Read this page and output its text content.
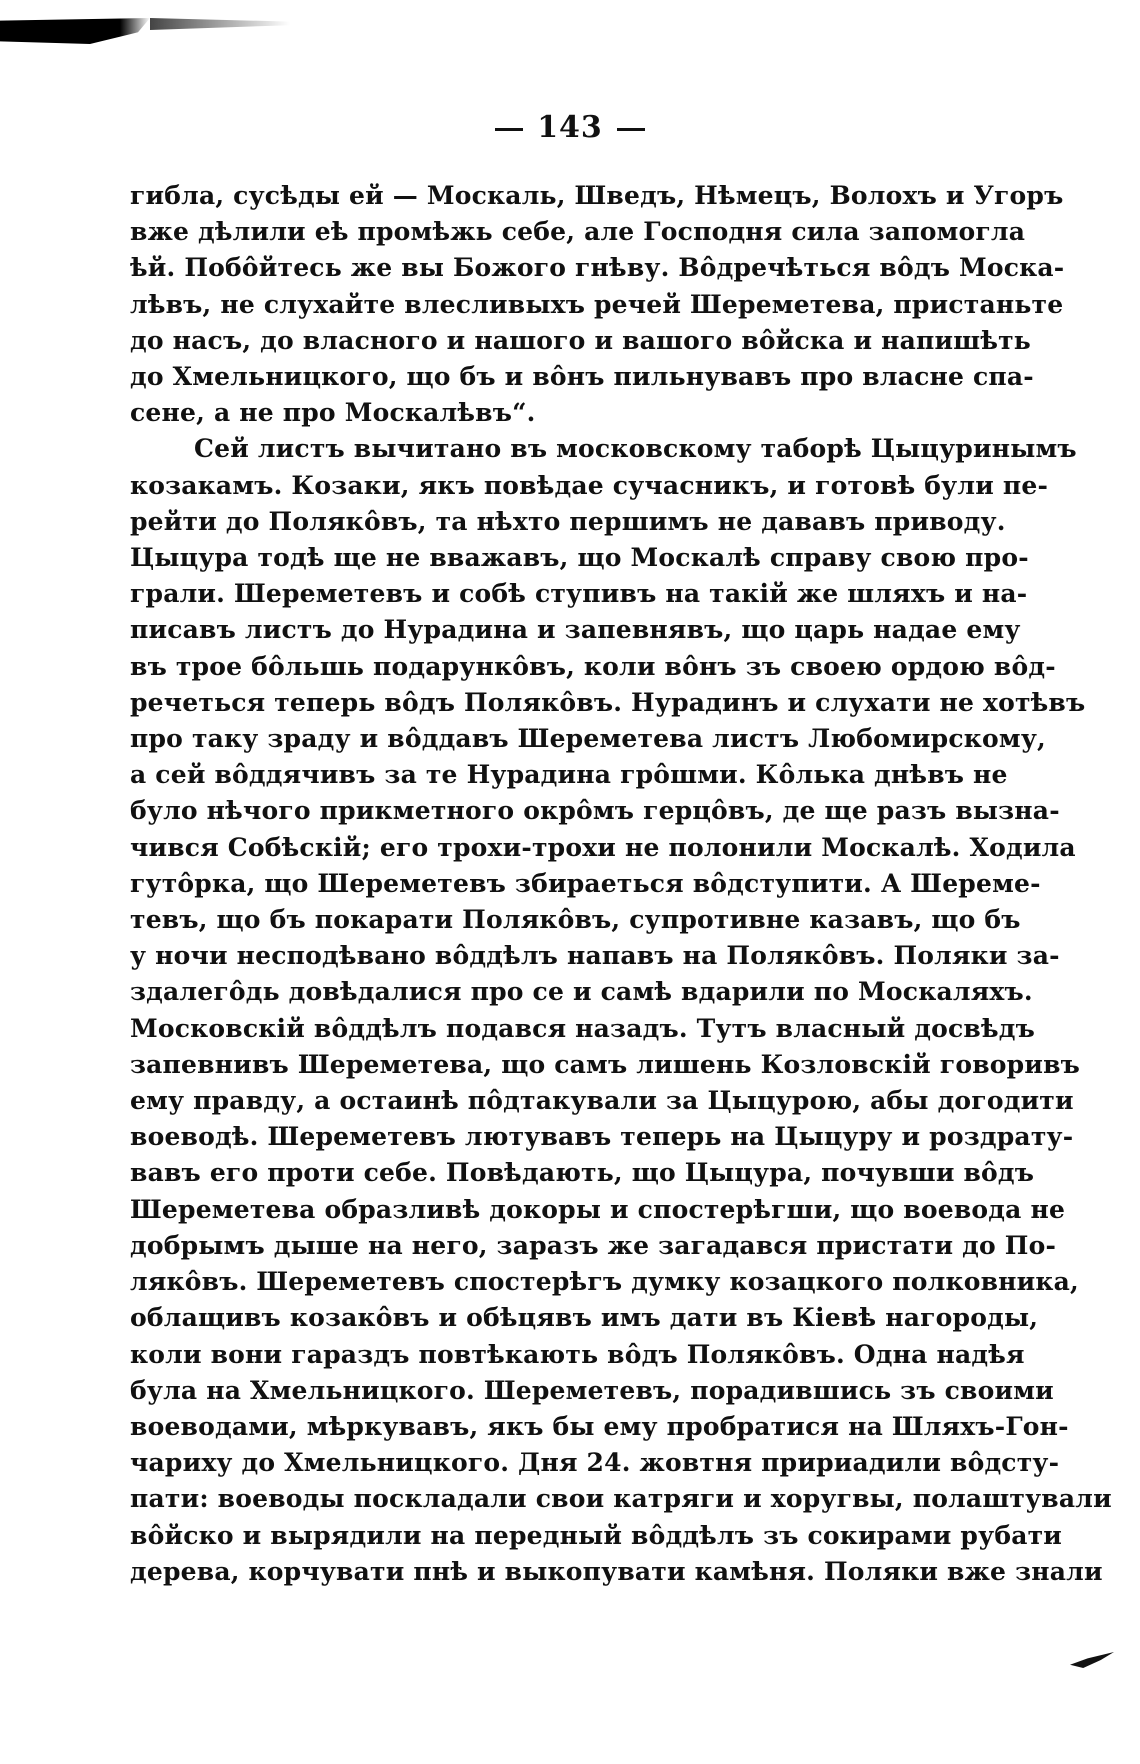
143
гибла, сусѣды ей — Москаль, Шведъ, Нѣмецъ, Волохъ и Угоръ
вже дѣлили еѣ промѣжь себе, але Господня сила запомогла
ѣй. Побôйтесь же вы Божого гнѣву. Вôдречѣться вôдъ Моска-
лѣвъ, не слухайте влесливыхъ речей Шереметева, пристаньте
до насъ, до власного и нашого и вашого вôйска и напишѣть
до Хмельницкого, що бъ и вôнъ пильнувавъ про власне спа-
сене, а не про Москалѣвъ“.
Сей листъ вычитано въ московскому таборѣ Цыцуринымъ
козакамъ. Козаки, якъ повѣдае сучасникъ, и готовѣ були пе-
рейти до Полякôвъ, та нѣхто першимъ не дававъ приводу.
Цыцура тодѣ ще не вважавъ, що Москалѣ справу свою про-
грали. Шереметевъ и собѣ ступивъ на такій же шляхъ и на-
писавъ листъ до Нурадина и запевнявъ, що царь надае ему
въ трое бôльшь подарункôвъ, коли вôнъ зъ своею ордою вôд-
речеться теперь вôдъ Полякôвъ. Нурадинъ и слухати не хотѣвъ
про таку зраду и вôддавъ Шереметева листъ Любомирскому,
а сей вôддячивъ за те Нурадина грôшми. Кôлька днѣвъ не
було нѣчого прикметного окрôмъ герцôвъ, де ще разъ вызна-
чився Собѣскій; его трохи-трохи не полонили Москалѣ. Ходила
гутôрка, що Шереметевъ збираеться вôдступити. А Шереме-
тевъ, що бъ покарати Полякôвъ, супротивне казавъ, що бъ
у ночи несподѣвано вôддѣлъ напавъ на Полякôвъ. Поляки за-
здалегôдь довѣдалися про се и самѣ вдарили по Москаляхъ.
Московскій вôддѣлъ подався назадъ. Тутъ власный досвѣдъ
запевнивъ Шереметева, що самъ лишень Козловскій говоривъ
ему правду, а остаинѣ пôдтакували за Цыцурою, абы догодити
воеводѣ. Шереметевъ лютувавъ теперь на Цыцуру и роздрату-
вавъ его проти себе. Повѣдають, що Цыцура, почувши вôдъ
Шереметева образливѣ докоры и спостерѣгши, що воевода не
добрымъ дыше на него, заразъ же загадався пристати до По-
лякôвъ. Шереметевъ спостерѣгъ думку козацкого полковника,
облащивъ козакôвъ и обѣцявъ имъ дати въ Кіевѣ нагороды,
коли вони гараздъ повтѣкають вôдъ Полякôвъ. Одна надѣя
була на Хмельницкого. Шереметевъ, порадившись зъ своими
воеводами, мѣркувавъ, якъ бы ему пробратися на Шляхъ-Гон-
чариху до Хмельницкого. Дня 24. жовтня пририадили вôдсту-
пати: воеводы поскладали свои катряги и хоругвы, полаштували
вôйско и вырядили на передный вôддѣлъ зъ сокирами рубати
дерева, корчувати пнѣ и выкопувати камѣня. Поляки вже знали
